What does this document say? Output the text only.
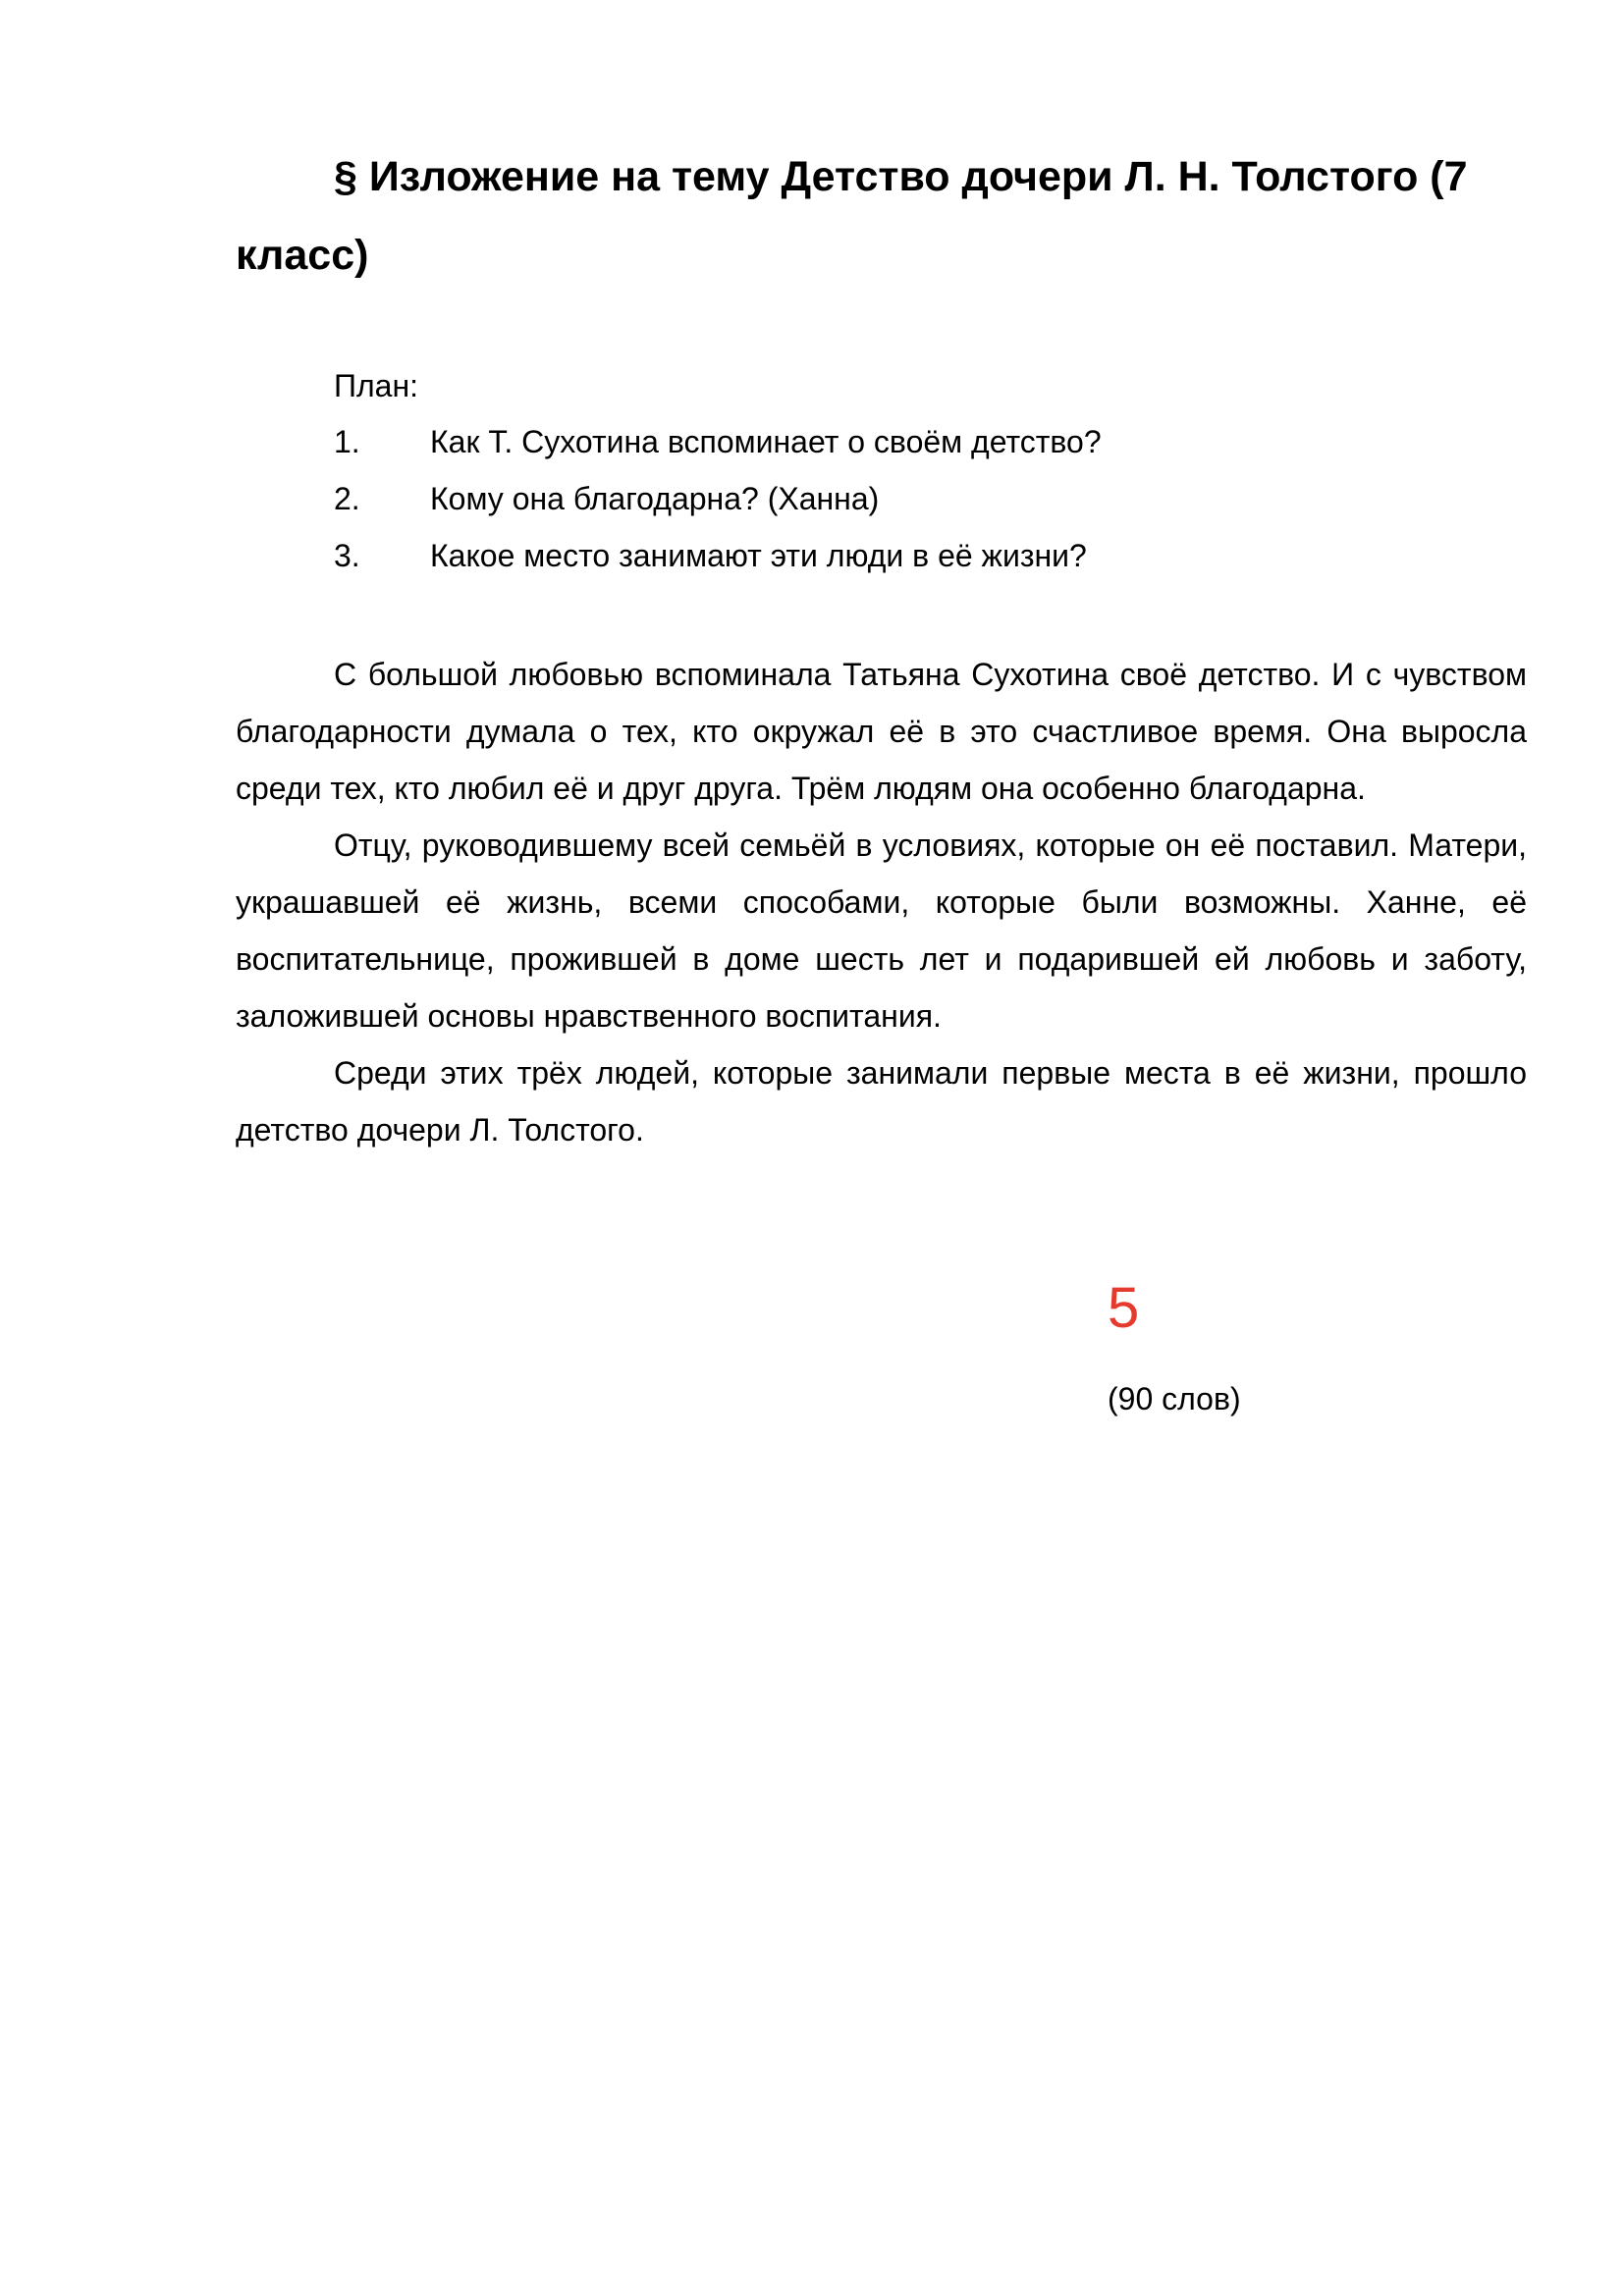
§ Изложение на тему Детство дочери Л. Н. Толстого (7 класс)

План:

1.	Как Т. Сухотина вспоминает о своём детство?
2.	Кому она благодарна? (Ханна)
3.	Какое место занимают эти люди в её жизни?

С большой любовью вспоминала Татьяна Сухотина своё детство. И с чувством благодарности думала о тех, кто окружал её в это счастливое время. Она выросла среди тех, кто любил её и друг друга. Трём людям она особенно благодарна.

Отцу, руководившему всей семьёй в условиях, которые он её поставил. Матери, украшавшей её жизнь, всеми способами, которые были возможны. Ханне, её воспитательнице, прожившей в доме шесть лет и подарившей ей любовь и заботу, заложившей основы нравственного воспитания.

Среди этих трёх людей, которые занимали первые места в её жизни, прошло детство дочери Л. Толстого.

5
(90 слов)
